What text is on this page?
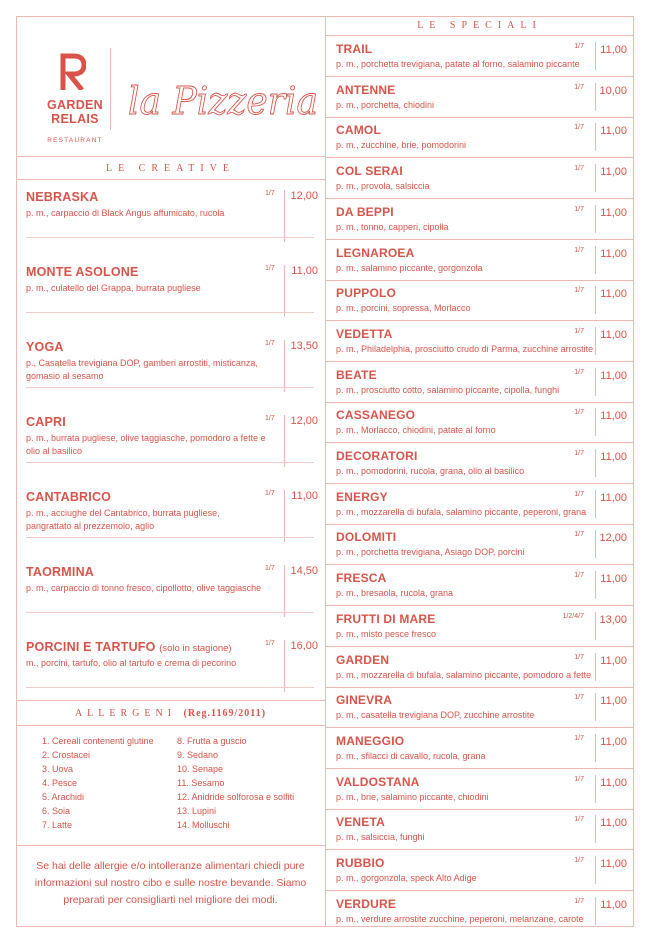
GARDEN
RELAIS
RESTAURANT
la Pizzeria
LE CREATIVE
NEBRASKA
p. m., carpaccio di Black Angus affumicato, rucola
1/7	12,00
MONTE ASOLONE
p. m., culatello del Grappa, burrata pugliese
1/7	11,00
YOGA
p., Casatella trevigiana DOP, gamberi arrostiti, misticanza, gomasio al sesamo
1/7	13,50
CAPRI
p. m., burrata pugliese, olive taggiasche, pomodoro a fette e olio al basilico
1/7	12,00
CANTABRICO
p. m., acciughe del Cantabrico, burrata pugliese, pangrattato al prezzemolo, aglio
1/7	11,00
TAORMINA
p. m., carpaccio di tonno fresco, cipollotto, olive taggiasche
1/7	14,50
PORCINI E TARTUFO (solo in stagione)
m., porcini, tartufo, olio al tartufo e crema di pecorino
1/7	16,00
ALLERGENI (Reg.1169/2011)
1. Cereali contenenti glutine
2. Crostacei
3. Uova
4. Pesce
5. Arachidi
6. Soia
7. Latte
8. Frutta a guscio
9. Sedano
10. Senape
11. Sesamo
12. Anidride solforosa e solfiti
13. Lupini
14. Molluschi
Se hai delle allergie e/o intolleranze alimentari chiedi pure informazioni sul nostro cibo e sulle nostre bevande. Siamo preparati per consigliarti nel migliore dei modi.
LE SPECIALI
TRAIL
p. m., porchetta trevigiana, patate al forno, salamino piccante
1/7	11,00
ANTENNE
p. m., porchetta, chiodini
1/7	10,00
CAMOL
p. m., zucchine, brie, pomodorini
1/7	11,00
COL SERAI
p. m., provola, salsiccia
1/7	11,00
DA BEPPI
p. m., tonno, capperi, cipolla
1/7	11,00
LEGNAROEA
p. m., salamino piccante, gorgonzola
1/7	11,00
PUPPOLO
p. m., porcini, sopressa, Morlacco
1/7	11,00
VEDETTA
p. m., Philadelphia, prosciutto crudo di Parma, zucchine arrostite
1/7	11,00
BEATE
p. m., prosciutto cotto, salamino piccante, cipolla, funghi
1/7	11,00
CASSANEGO
p. m., Morlacco, chiodini, patate al forno
1/7	11,00
DECORATORI
p. m., pomodorini, rucola, grana, olio al basilico
1/7	11,00
ENERGY
p. m., mozzarella di bufala, salamino piccante, peperoni, grana
1/7	11,00
DOLOMITI
p. m., porchetta trevigiana, Asiago DOP, porcini
1/7	12,00
FRESCA
p. m., bresaola, rucola, grana
1/7	11,00
FRUTTI DI MARE
p. m., misto pesce fresco
1/2/4/7	13,00
GARDEN
p. m., mozzarella di bufala, salamino piccante, pomodoro a fette
1/7	11,00
GINEVRA
p. m., casatella trevigiana DOP, zucchine arrostite
1/7	11,00
MANEGGIO
p. m., sfilacci di cavallo, rucola, grana
1/7	11,00
VALDOSTANA
p. m., brie, salamino piccante, chiodini
1/7	11,00
VENETA
p. m., salsiccia, funghi
1/7	11,00
RUBBIO
p. m., gorgonzola, speck Alto Adige
1/7	11,00
VERDURE
p. m., verdure arrostite zucchine, peperoni, melanzane, carote
1/7	11,00
